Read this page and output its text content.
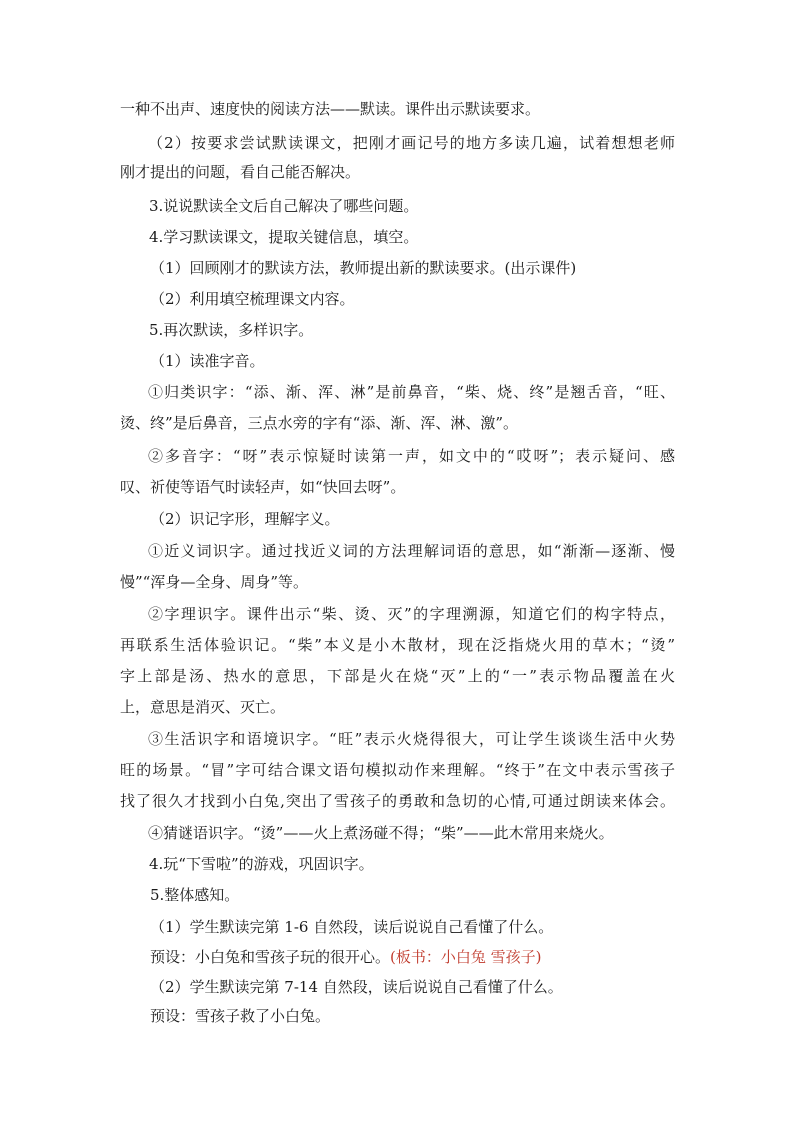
一种不出声、速度快的阅读方法——默读。课件出示默读要求。
（2）按要求尝试默读课文，把刚才画记号的地方多读几遍，试着想想老师
刚才提出的问题，看自己能否解决。
3.说说默读全文后自己解决了哪些问题。
4.学习默读课文，提取关键信息，填空。
（1）回顾刚才的默读方法，教师提出新的默读要求。(出示课件)
（2）利用填空梳理课文内容。
5.再次默读，多样识字。
（1）读准字音。
①归类识字：“添、渐、浑、淋”是前鼻音，“柴、烧、终”是翘舌音，“旺、
烫、终”是后鼻音，三点水旁的字有“添、渐、浑、淋、激”。
②多音字：“呀”表示惊疑时读第一声，如文中的“哎呀”；表示疑问、感
叹、祈使等语气时读轻声，如“快回去呀”。
（2）识记字形，理解字义。
①近义词识字。通过找近义词的方法理解词语的意思，如“渐渐—逐渐、慢
慢”“浑身—全身、周身”等。
②字理识字。课件出示“柴、烫、灭”的字理溯源，知道它们的构字特点，
再联系生活体验识记。“柴”本义是小木散材，现在泛指烧火用的草木；“烫”
字上部是汤、热水的意思，下部是火在烧“灭”上的“一”表示物品覆盖在火
上，意思是消灭、灭亡。
③生活识字和语境识字。“旺”表示火烧得很大，可让学生谈谈生活中火势
旺的场景。“冒”字可结合课文语句模拟动作来理解。“终于”在文中表示雪孩子
找了很久才找到小白兔,突出了雪孩子的勇敢和急切的心情,可通过朗读来体会。
④猜谜语识字。“烫”——火上煮汤碰不得；“柴”——此木常用来烧火。
4.玩“下雪啦”的游戏，巩固识字。
5.整体感知。
（1）学生默读完第 1-6 自然段，读后说说自己看懂了什么。
预设：小白兔和雪孩子玩的很开心。(板书：小白兔 雪孩子)
（2）学生默读完第 7-14 自然段，读后说说自己看懂了什么。
预设：雪孩子救了小白兔。
